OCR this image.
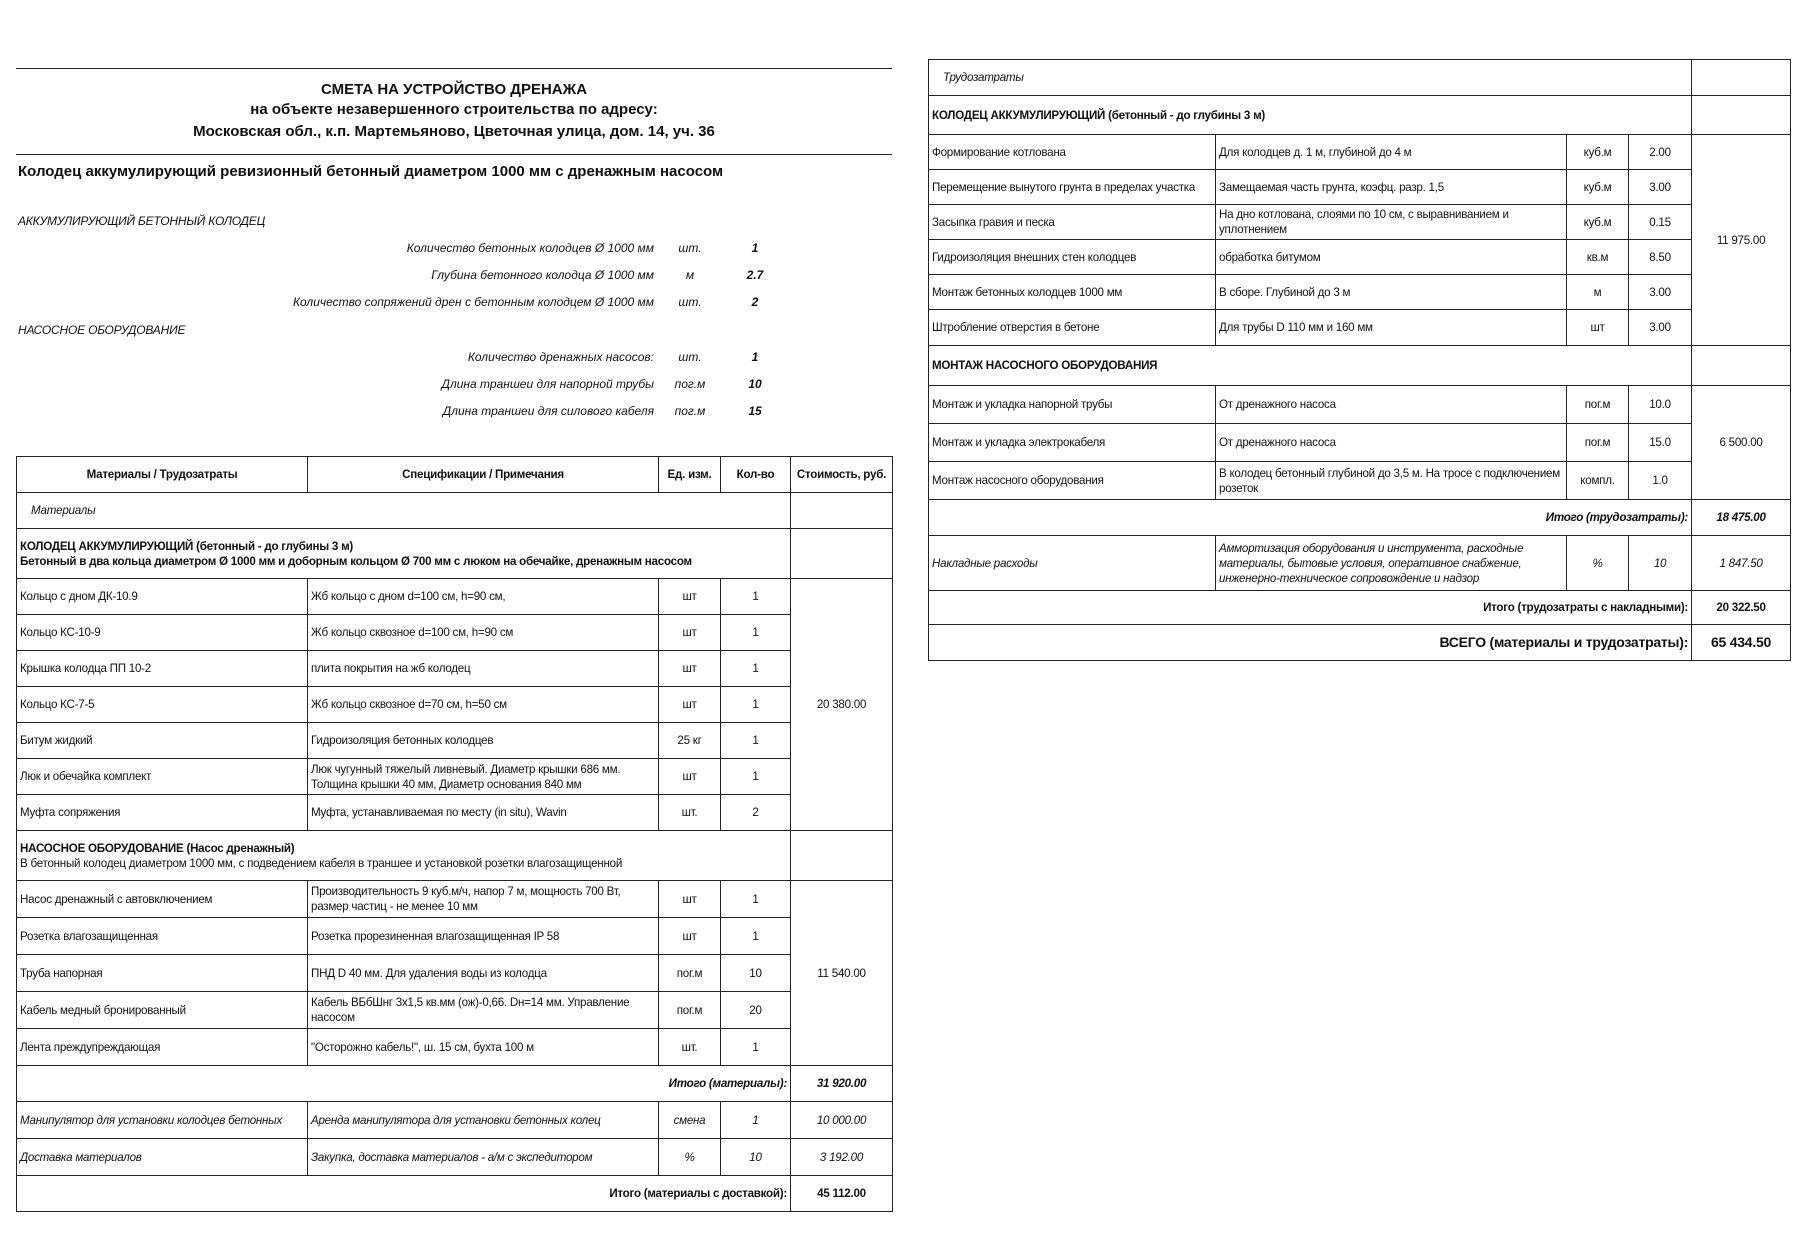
СМЕТА НА УСТРОЙСТВО ДРЕНАЖА
на объекте незавершенного строительства по адресу:
Московская обл., к.п. Мартемьяново, Цветочная улица, дом. 14, уч. 36
Колодец аккумулирующий ревизионный бетонный диаметром 1000 мм с дренажным насосом
АККУМУЛИРУЮЩИЙ БЕТОННЫЙ КОЛОДЕЦ
Количество бетонных колодцев Ø 1000 мм	шт.	1
Глубина бетонного колодца Ø 1000 мм	м	2.7
Количество сопряжений дрен с бетонным колодцем Ø 1000 мм	шт.	2
НАСОСНОЕ ОБОРУДОВАНИЕ
Количество дренажных насосов:	шт.	1
Длина траншеи для напорной трубы	пог.м	10
Длина траншеи для силового кабеля	пог.м	15
Материалы / Трудозатраты	Спецификации / Примечания	Ед. изм.	Кол-во	Стоимость, руб.
Материалы				

КОЛОДЕЦ АККУМУЛИРУЮЩИЙ (бетонный - до глубины 3 м)
Бетонный в два кольца диаметром Ø 1000 мм и доборным кольцом Ø 700 мм с люком на обечайке, дренажным насосом				

Кольцо с дном ДК-10.9	Жб кольцо с дном d=100 см, h=90 см,	шт	1	20 380.00
Кольцо КС-10-9	Жб кольцо сквозное d=100 см, h=90 см	шт	1	
Крышка колодца ПП 10-2	плита покрытия на жб колодец	шт	1	
Кольцо КС-7-5	Жб кольцо сквозное d=70 см, h=50 см	шт	1	
Битум жидкий	Гидроизоляция бетонных колодцев	25 кг	1	
Люк и обечайка комплект	Люк чугунный тяжелый ливневый. Диаметр крышки 686 мм. Толщина крышки 40 мм, Диаметр основания 840 мм	шт	1	
Муфта сопряжения	Муфта, устанавливаемая по месту (in situ), Wavin	шт.	2	

НАСОСНОЕ ОБОРУДОВАНИЕ (Насос дренажный)
В бетонный колодец диаметром 1000 мм, с подведением кабеля в траншее и установкой розетки влагозащищенной				

Насос дренажный с автовключением	Производительность 9 куб.м/ч, напор 7 м, мощность 700 Вт, размер частиц - не менее 10 мм	шт	1	11 540.00
Розетка влагозащищенная	Розетка прорезиненная влагозащищенная IP 58	шт	1	
Труба напорная	ПНД D 40 мм. Для удаления воды из колодца	пог.м	10	
Кабель медный бронированный	Кабель ВБбШнг 3х1,5 кв.мм (ож)-0,66. Dн=14 мм. Управление насосом	пог.м	20	
Лента преждупреждающая	"Осторожно кабель!", ш. 15 см, бухта 100 м	шт.	1	
Итого (материалы):				31 920.00
Манипулятор для установки колодцев бетонных	Аренда манипулятора для установки бетонных колец	смена	1	10 000.00
Доставка материалов	Закупка, доставка материалов - а/м с экспедитором	%	10	3 192.00
Итого (материалы с доставкой):				45 112.00
Трудозатраты				
КОЛОДЕЦ АККУМУЛИРУЮЩИЙ (бетонный - до глубины 3 м)				
Формирование котлована	Для колодцев д. 1 м, глубиной до 4 м	куб.м	2.00	11 975.00
Перемещение вынутого грунта в пределах участка	Замещаемая часть грунта, коэфц. разр. 1,5	куб.м	3.00	
Засыпка гравия и песка	На дно котлована, слоями по 10 см, с выравниванием и уплотнением	куб.м	0.15	
Гидроизоляция внешних стен колодцев	обработка битумом	кв.м	8.50	
Монтаж бетонных колодцев 1000 мм	В сборе. Глубиной до 3 м	м	3.00	
Штробление отверстия в бетоне	Для трубы D 110 мм и 160 мм	шт	3.00	
МОНТАЖ НАСОСНОГО ОБОРУДОВАНИЯ				
Монтаж и укладка напорной трубы	От дренажного насоса	пог.м	10.0	6 500.00
Монтаж и укладка электрокабеля	От дренажного насоса	пог.м	15.0	
Монтаж насосного оборудования	В колодец бетонный глубиной до 3,5 м. На тросе с подключением розеток	компл.	1.0	
Итого (трудозатраты):				18 475.00
Накладные расходы	Аммортизация оборудования и инструмента, расходные материалы, бытовые условия, оперативное снабжение, инженерно-техническое сопровождение и надзор	%	10	1 847.50
Итого (трудозатраты с накладными):				20 322.50
ВСЕГО (материалы и трудозатраты):				65 434.50
